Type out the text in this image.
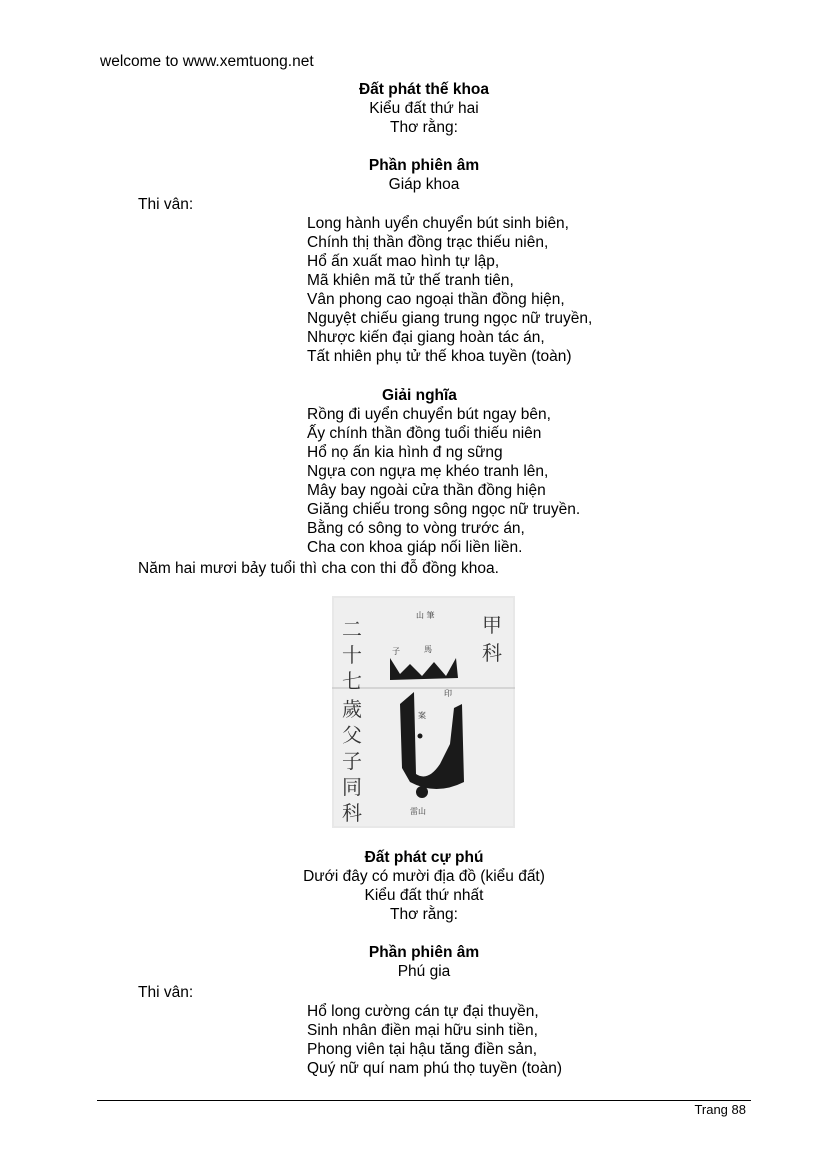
welcome to www.xemtuong.net
Đất phát thế khoa
Kiểu đất thứ hai
Thơ rằng:
Phần phiên âm
Giáp khoa
Thi vân:
Long hành uyển chuyển bút sinh biên,
Chính thị thần đồng trạc thiếu niên,
Hổ ấn xuất mao hình tự lập,
Mã khiên mã tử thế tranh tiên,
Vân phong cao ngoại thần đồng hiện,
Nguyệt chiếu giang trung ngọc nữ truyền,
Nhược kiến đại giang hoàn tác án,
Tất nhiên phụ tử thế khoa tuyền (toàn)
Giải nghĩa
Rồng đi uyển chuyển bút ngay bên,
Ấy chính thần đồng tuổi thiếu niên
Hổ nọ ấn kia hình đ ng sững
Ngựa con ngựa mẹ khéo tranh lên,
Mây bay ngoài cửa thần đồng hiện
Giăng chiếu trong sông ngọc nữ truyền.
Bằng có sông to vòng trước án,
Cha con khoa giáp nối liền liền.
Năm hai mươi bảy tuổi thì cha con thi đỗ đồng khoa.
二
十
七
歲
父
子
同
科
甲
科
山 筆
子	馬
印
案
雷山
Đất phát cự phú
Dưới đây có mười địa đồ (kiểu đất)
Kiểu đất thứ nhất
Thơ rằng:
Phần phiên âm
Phú gia
Thi vân:
Hổ long cường cán tự đại thuyền,
Sinh nhân điền mại hữu sinh tiền,
Phong viên tại hậu tăng điền sản,
Quý nữ quí nam phú thọ tuyền (toàn)
Trang 88
